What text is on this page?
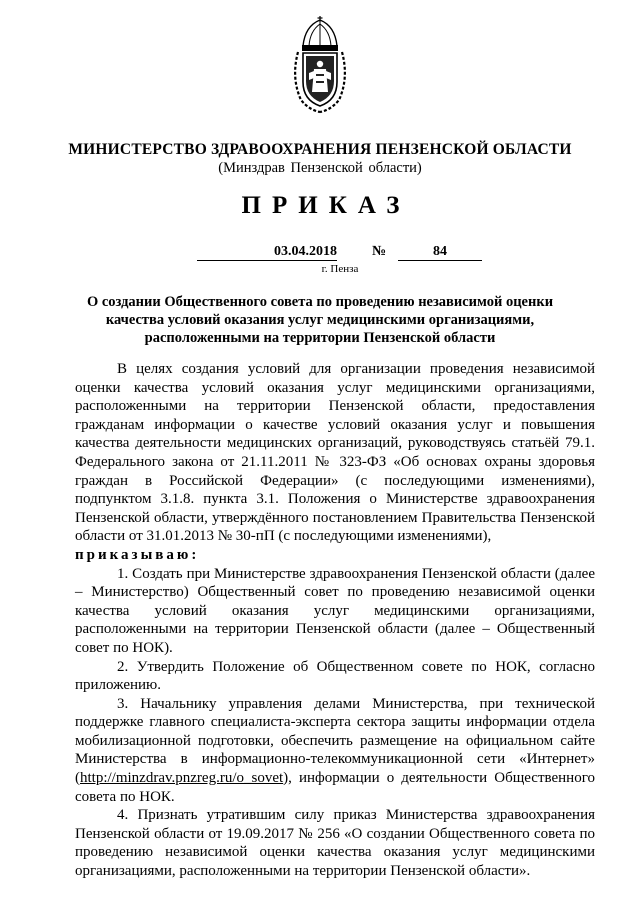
МИНИСТЕРСТВО ЗДРАВООХРАНЕНИЯ ПЕНЗЕНСКОЙ ОБЛАСТИ
(Минздрав Пензенской области)
ПРИКАЗ
03.04.2018	№	84
г. Пенза
О создании Общественного совета по проведению независимой оценки качества условий оказания услуг медицинскими организациями, расположенными на территории Пензенской области

В целях создания условий для организации проведения независимой оценки качества условий оказания услуг медицинскими организациями, расположенными на территории Пензенской области, предоставления гражданам информации о качестве условий оказания услуг и повышения качества деятельности медицинских организаций, руководствуясь статьёй 79.1. Федерального закона от 21.11.2011 № 323-ФЗ «Об основах охраны здоровья граждан в Российской Федерации» (с последующими изменениями), подпунктом 3.1.8. пункта 3.1. Положения о Министерстве здравоохранения Пензенской области, утверждённого постановлением Правительства Пензенской области от 31.01.2013 № 30-пП (с последующими изменениями),

приказываю:

1. Создать при Министерстве здравоохранения Пензенской области (далее – Министерство) Общественный совет по проведению независимой оценки качества условий оказания услуг медицинскими организациями, расположенными на территории Пензенской области (далее – Общественный совет по НОК).

2. Утвердить Положение об Общественном совете по НОК, согласно приложению.

3. Начальнику управления делами Министерства, при технической поддержке главного специалиста-эксперта сектора защиты информации отдела мобилизационной подготовки, обеспечить размещение на официальном сайте Министерства в информационно-телекоммуникационной сети «Интернет» (http://minzdrav.pnzreg.ru/o_sovet), информации о деятельности Общественного совета по НОК.

4. Признать утратившим силу приказ Министерства здравоохранения Пензенской области от 19.09.2017 № 256 «О создании Общественного совета по проведению независимой оценки качества оказания услуг медицинскими организациями, расположенными на территории Пензенской области».
